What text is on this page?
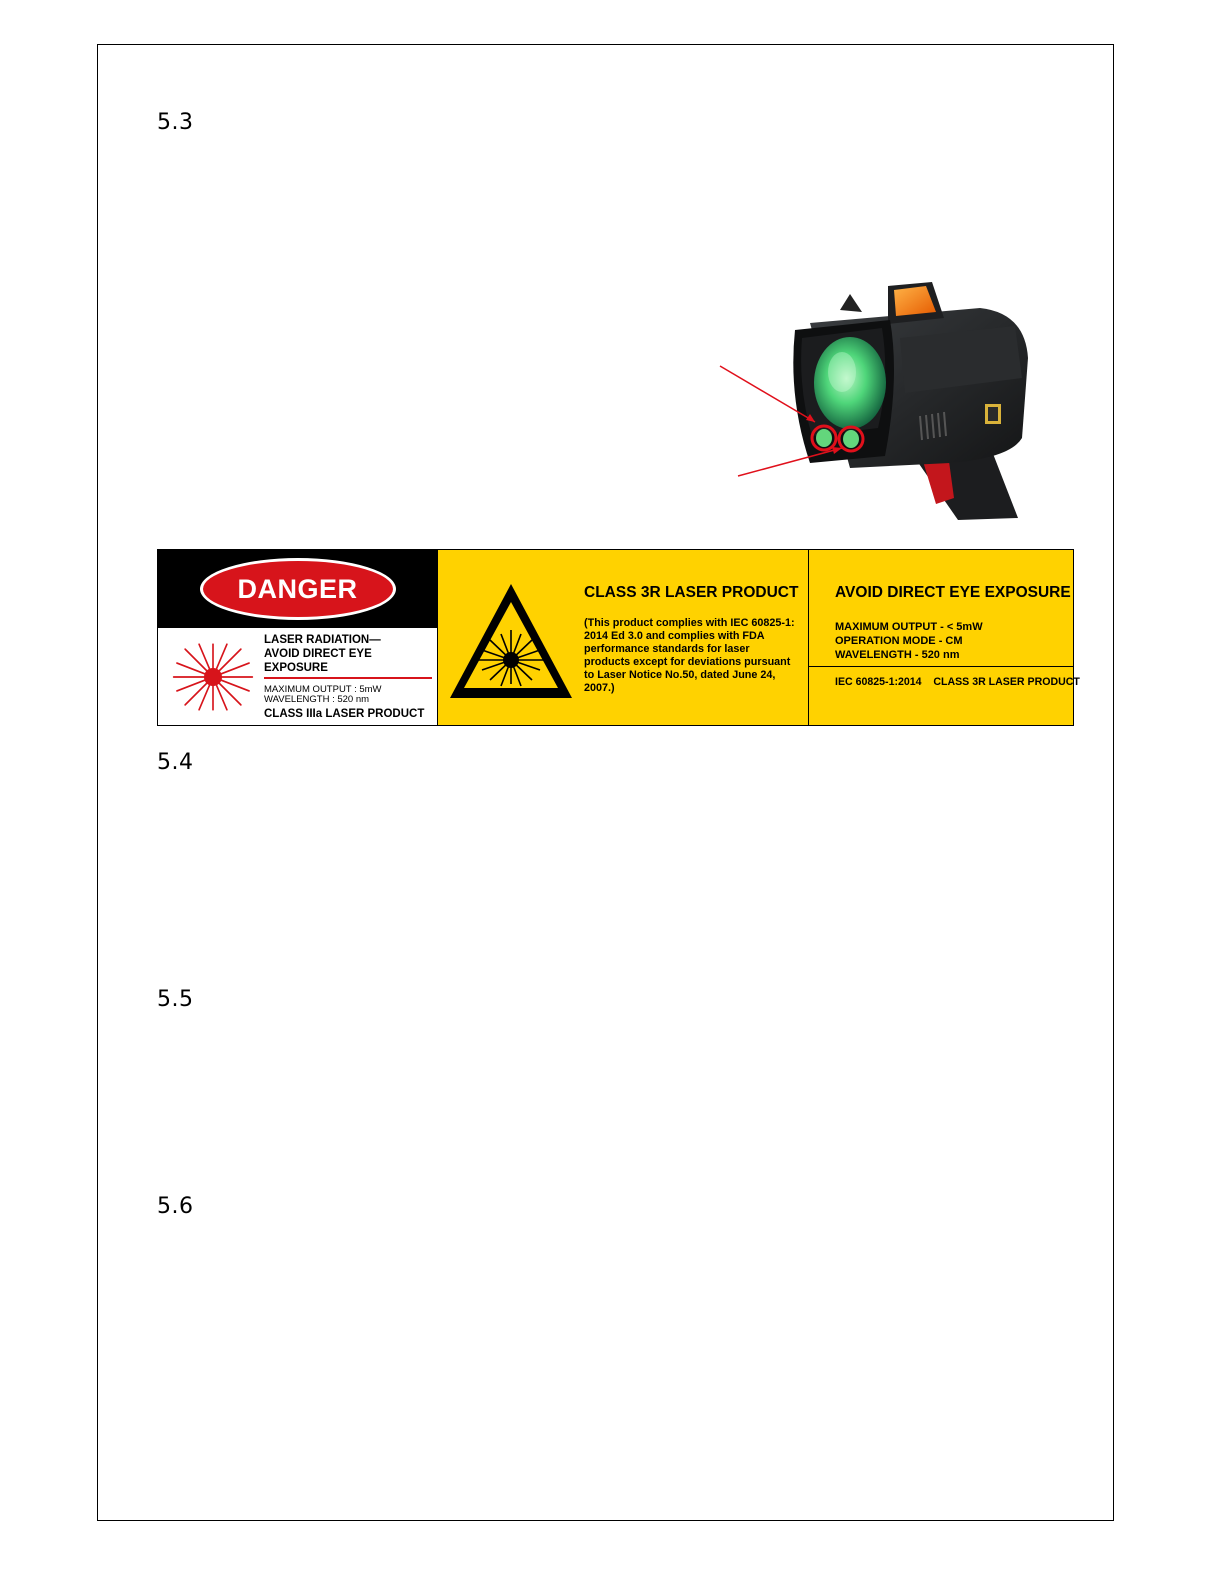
5.3
DANGER
LASER RADIATION—
AVOID DIRECT EYE EXPOSURE
MAXIMUM OUTPUT : 5mW
WAVELENGTH : 520 nm
CLASS IIIa LASER PRODUCT
CLASS 3R LASER PRODUCT
(This product complies with IEC 60825-1: 2014 Ed 3.0 and complies with FDA performance standards for laser products except for deviations pursuant to Laser Notice No.50, dated June 24, 2007.)
AVOID DIRECT EYE EXPOSURE
MAXIMUM OUTPUT - < 5mW
OPERATION MODE - CM
WAVELENGTH - 520 nm
IEC 60825-1:2014    CLASS 3R LASER PRODUCT
5.4
5.5
5.6
